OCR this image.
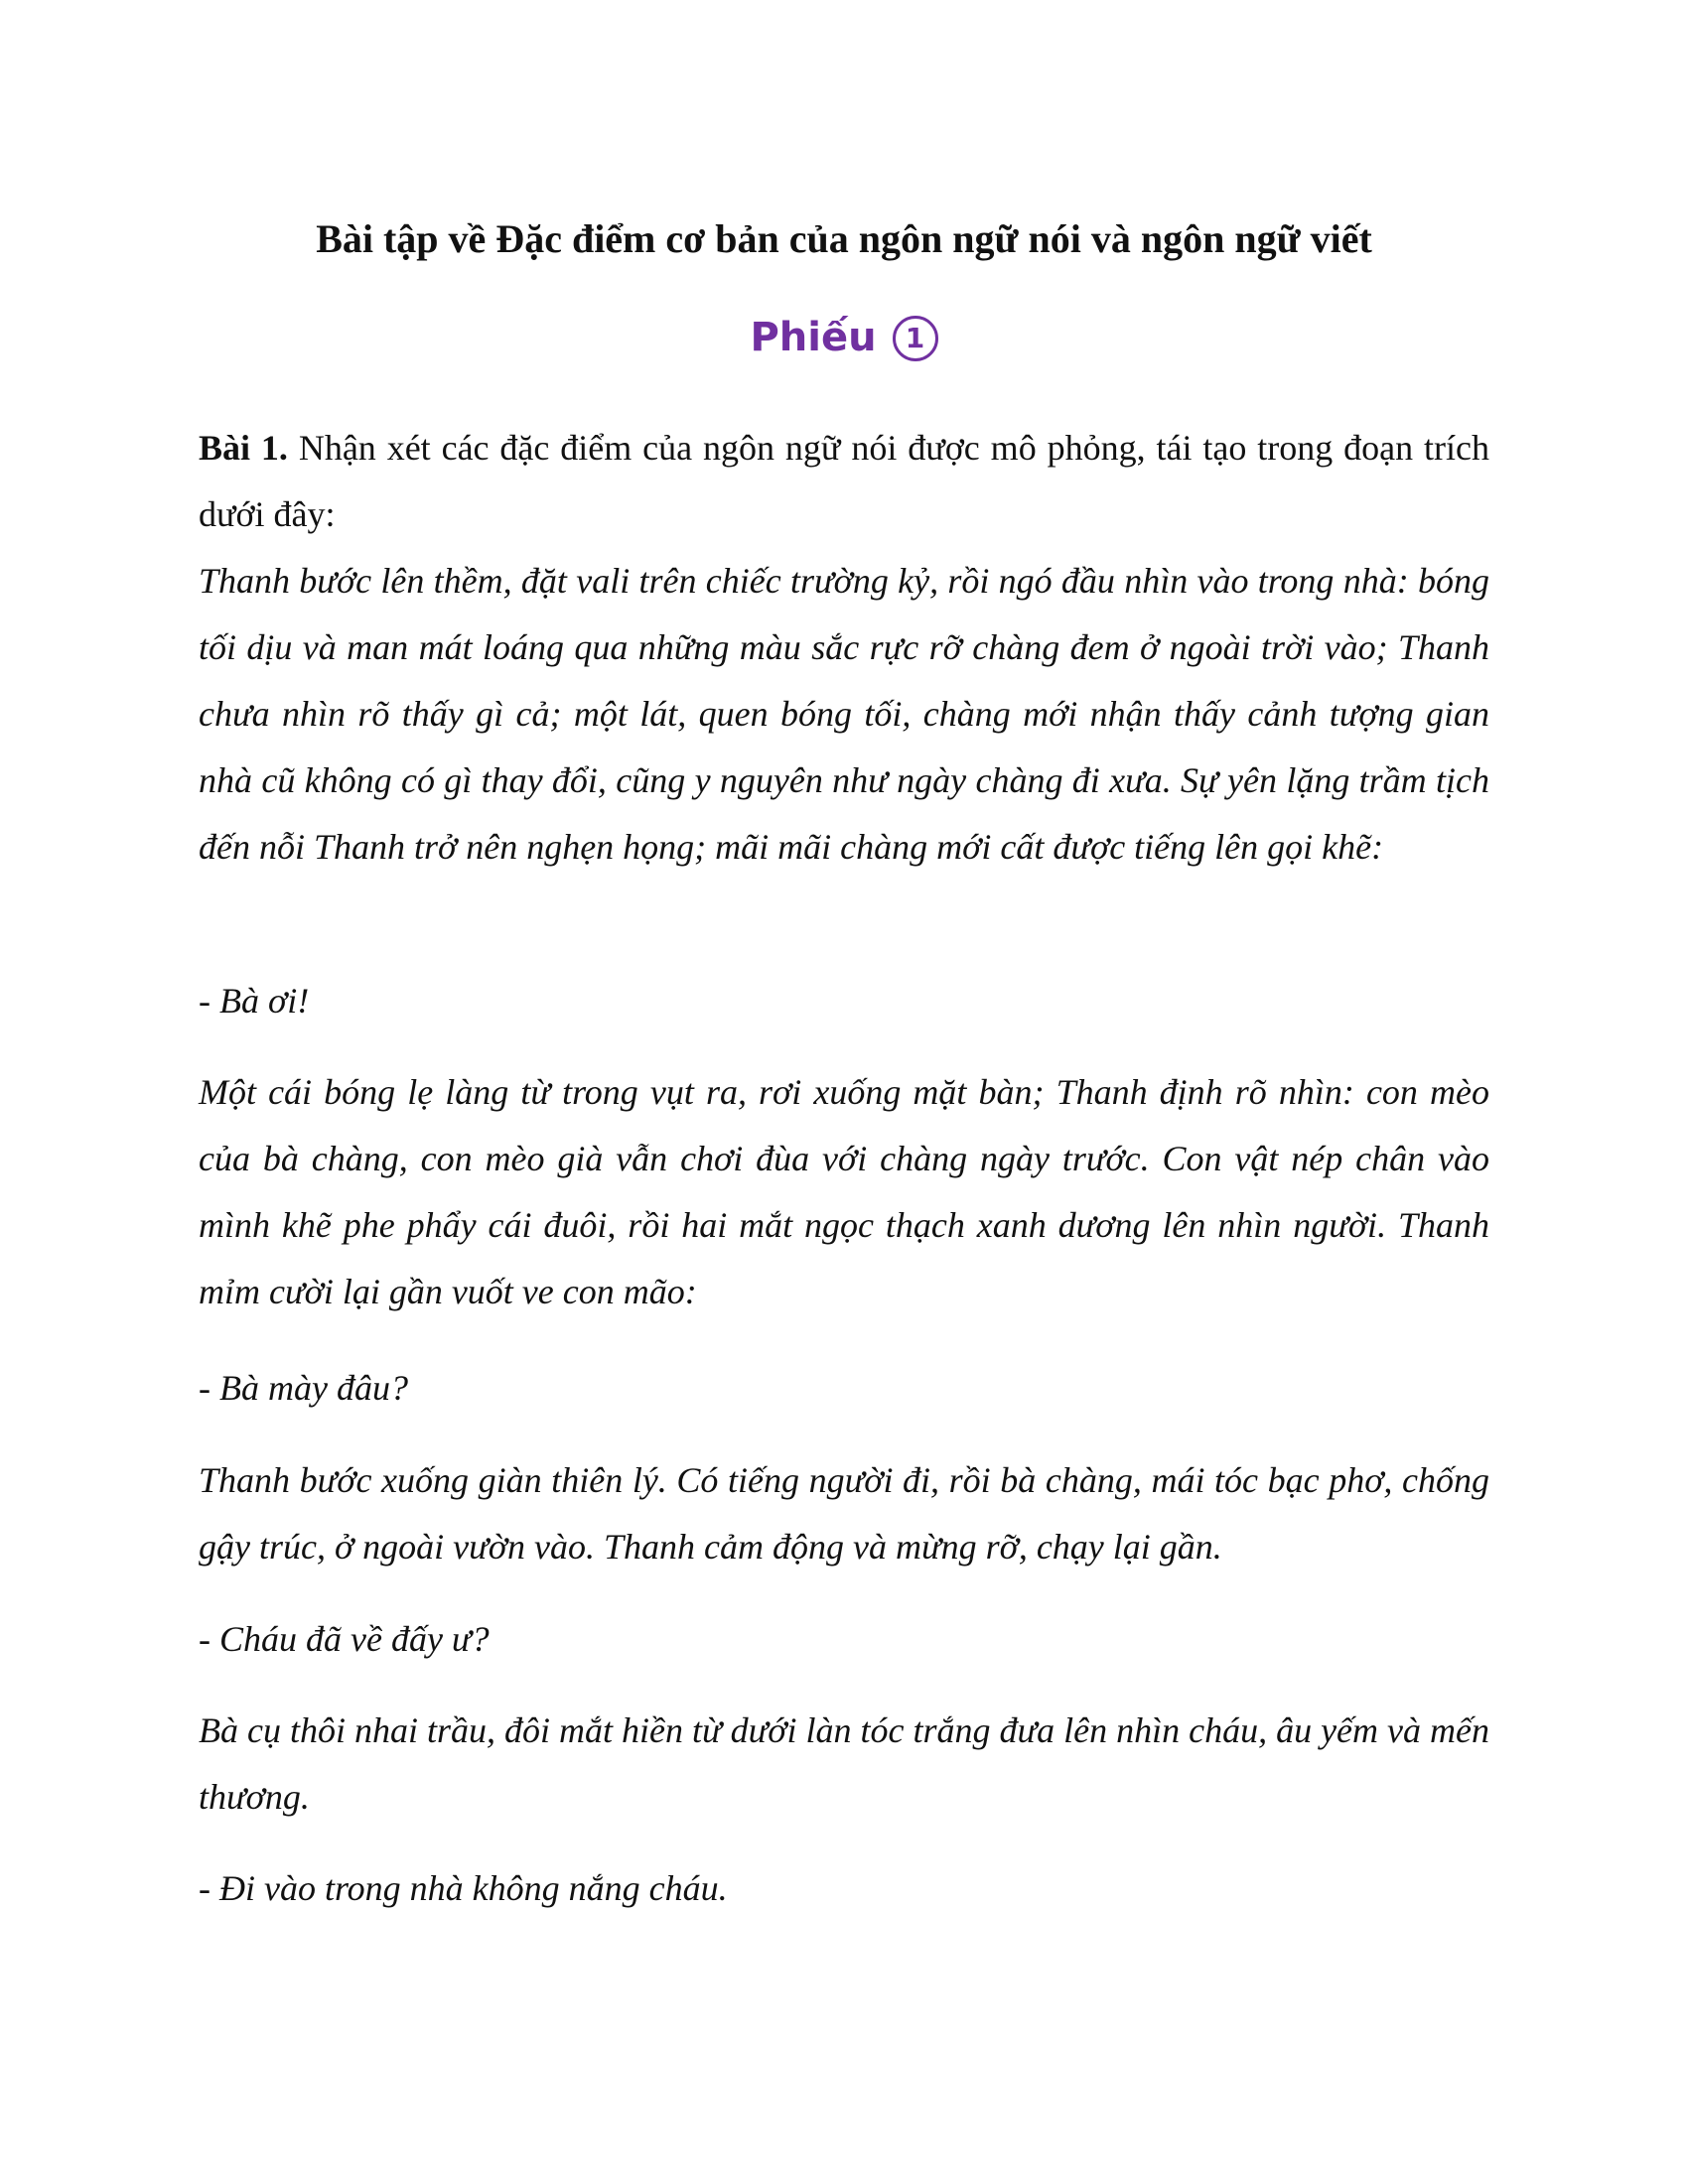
Bài tập về Đặc điểm cơ bản của ngôn ngữ nói và ngôn ngữ viết
Phiếu 1

Bài 1. Nhận xét các đặc điểm của ngôn ngữ nói được mô phỏng, tái tạo trong đoạn trích dưới đây:

Thanh bước lên thềm, đặt vali trên chiếc trường kỷ, rồi ngó đầu nhìn vào trong nhà: bóng tối dịu và man mát loáng qua những màu sắc rực rỡ chàng đem ở ngoài trời vào; Thanh chưa nhìn rõ thấy gì cả; một lát, quen bóng tối, chàng mới nhận thấy cảnh tượng gian nhà cũ không có gì thay đổi, cũng y nguyên như ngày chàng đi xưa. Sự yên lặng trầm tịch đến nỗi Thanh trở nên nghẹn họng; mãi mãi chàng mới cất được tiếng lên gọi khẽ:

- Bà ơi!

Một cái bóng lẹ làng từ trong vụt ra, rơi xuống mặt bàn; Thanh định rõ nhìn: con mèo của bà chàng, con mèo già vẫn chơi đùa với chàng ngày trước. Con vật nép chân vào mình khẽ phe phẩy cái đuôi, rồi hai mắt ngọc thạch xanh dương lên nhìn người. Thanh mỉm cười lại gần vuốt ve con mão:

- Bà mày đâu?

Thanh bước xuống giàn thiên lý. Có tiếng người đi, rồi bà chàng, mái tóc bạc phơ, chống gậy trúc, ở ngoài vườn vào. Thanh cảm động và mừng rỡ, chạy lại gần.

- Cháu đã về đấy ư?

Bà cụ thôi nhai trầu, đôi mắt hiền từ dưới làn tóc trắng đưa lên nhìn cháu, âu yếm và mến thương.

- Đi vào trong nhà không nắng cháu.
